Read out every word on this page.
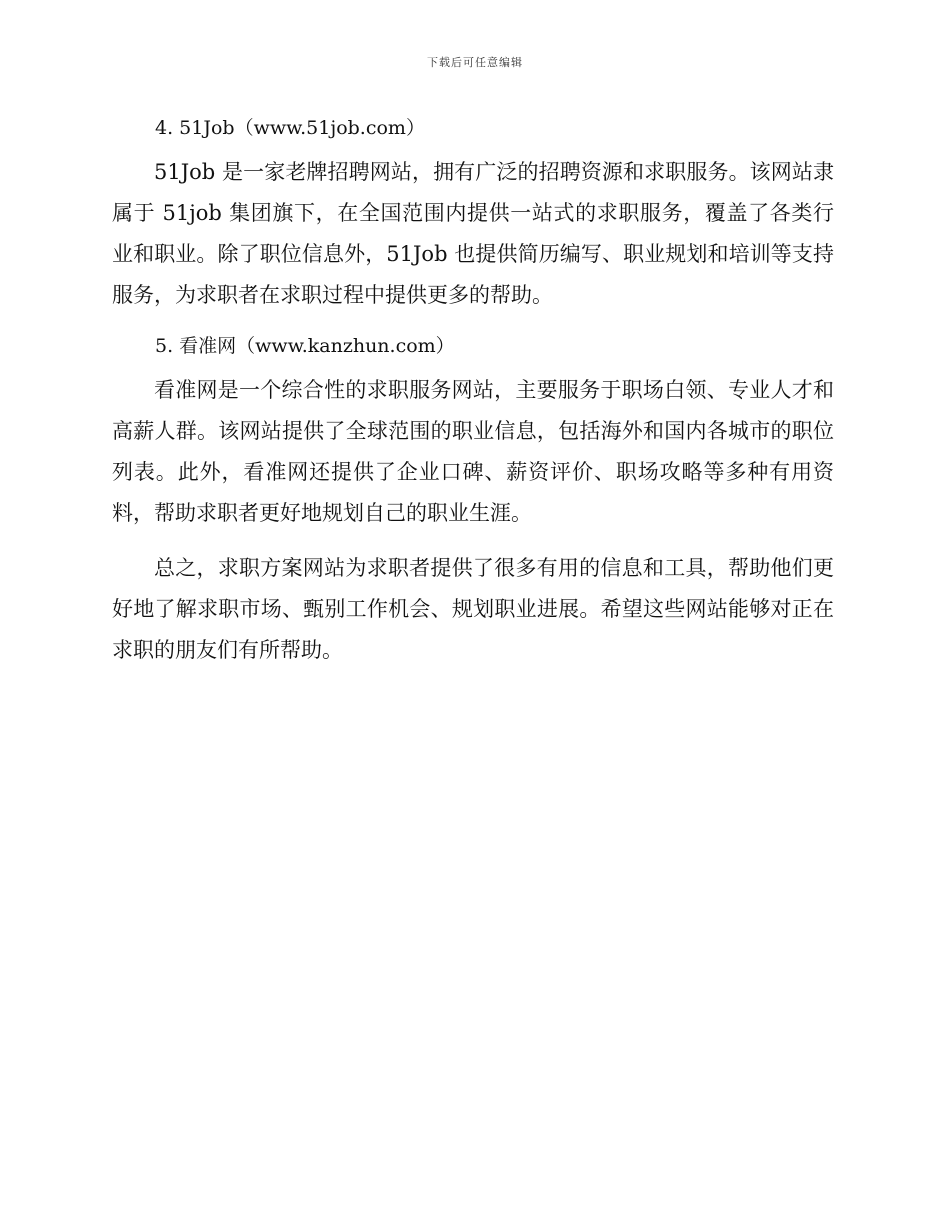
下载后可任意编辑
4. 51Job（www.51job.com）

51Job 是一家老牌招聘网站，拥有广泛的招聘资源和求职服务。该网站隶属于 51job 集团旗下，在全国范围内提供一站式的求职服务，覆盖了各类行业和职业。除了职位信息外，51Job 也提供简历编写、职业规划和培训等支持服务，为求职者在求职过程中提供更多的帮助。

5. 看准网（www.kanzhun.com）

看准网是一个综合性的求职服务网站，主要服务于职场白领、专业人才和高薪人群。该网站提供了全球范围的职业信息，包括海外和国内各城市的职位列表。此外，看准网还提供了企业口碑、薪资评价、职场攻略等多种有用资料，帮助求职者更好地规划自己的职业生涯。

总之，求职方案网站为求职者提供了很多有用的信息和工具，帮助他们更好地了解求职市场、甄别工作机会、规划职业进展。希望这些网站能够对正在求职的朋友们有所帮助。
